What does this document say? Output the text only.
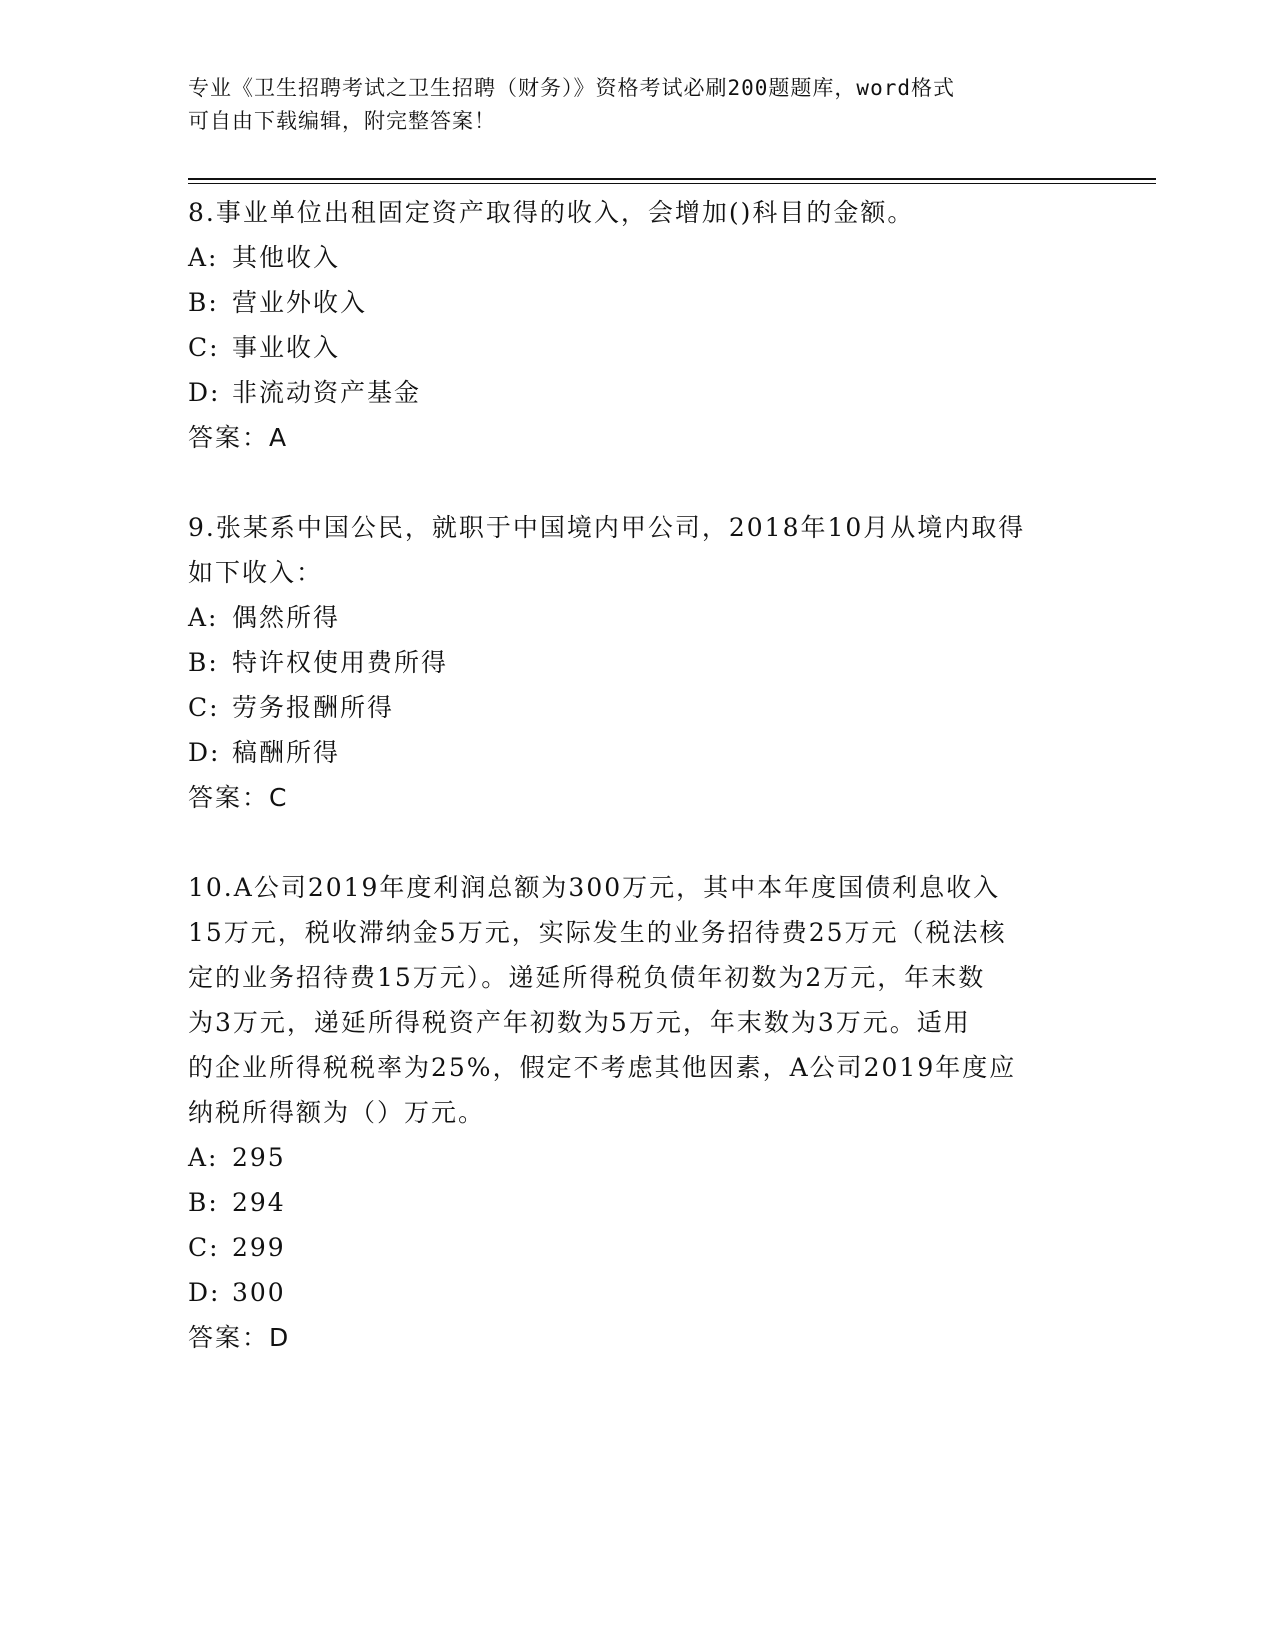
专业《卫生招聘考试之卫生招聘（财务）》资格考试必刷200题题库，word格式
可自由下载编辑，附完整答案！
8.事业单位出租固定资产取得的收入，会增加()科目的金额。
A: 其他收入
B: 营业外收入
C: 事业收入
D: 非流动资产基金
答案：A
9.张某系中国公民，就职于中国境内甲公司，2018年10月从境内取得
如下收入：
A: 偶然所得
B: 特许权使用费所得
C: 劳务报酬所得
D: 稿酬所得
答案：C
10.A公司2019年度利润总额为300万元，其中本年度国债利息收入
15万元，税收滞纳金5万元，实际发生的业务招待费25万元（税法核
定的业务招待费15万元）。递延所得税负债年初数为2万元，年末数
为3万元，递延所得税资产年初数为5万元，年末数为3万元。适用
的企业所得税税率为25%，假定不考虑其他因素，A公司2019年度应
纳税所得额为（）万元。
A: 295
B: 294
C: 299
D: 300
答案：D
